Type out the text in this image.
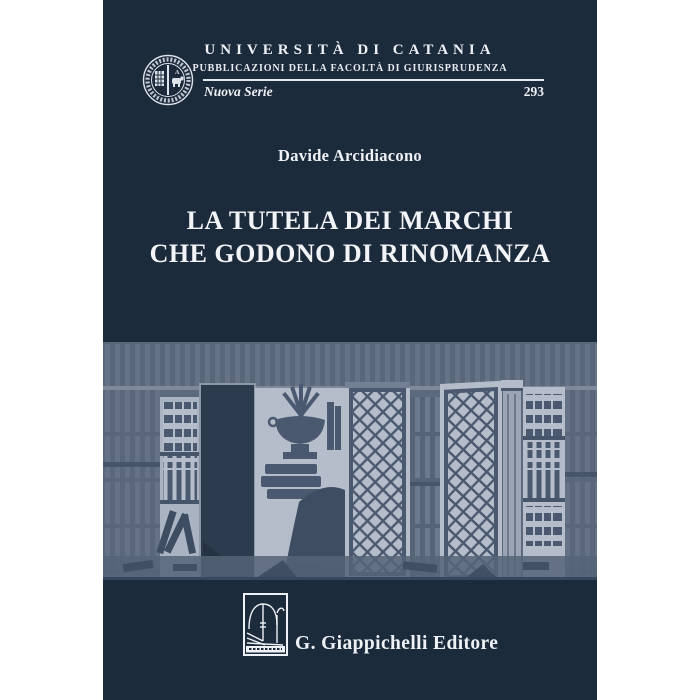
A
UNIVERSITÀ DI CATANIA
PUBBLICAZIONI DELLA FACOLTÀ DI GIURISPRUDENZA
Nuova Serie	293
Davide Arcidiacono
LA TUTELA DEI MARCHI
CHE GODONO DI RINOMANZA
G. Giappichelli Editore
